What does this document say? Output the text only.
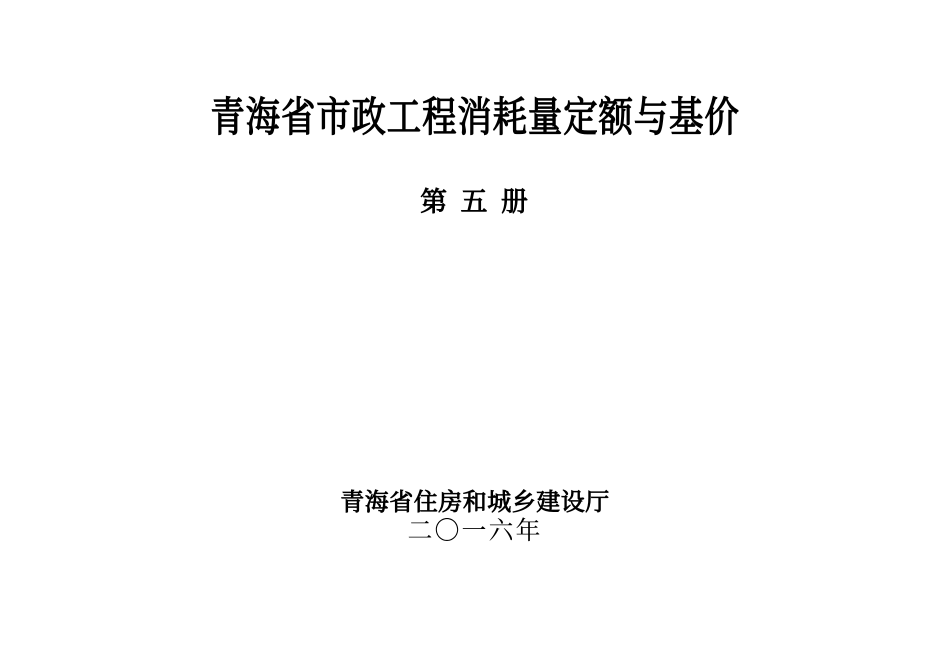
青海省市政工程消耗量定额与基价
第 五 册
青海省住房和城乡建设厅
二〇一六年
